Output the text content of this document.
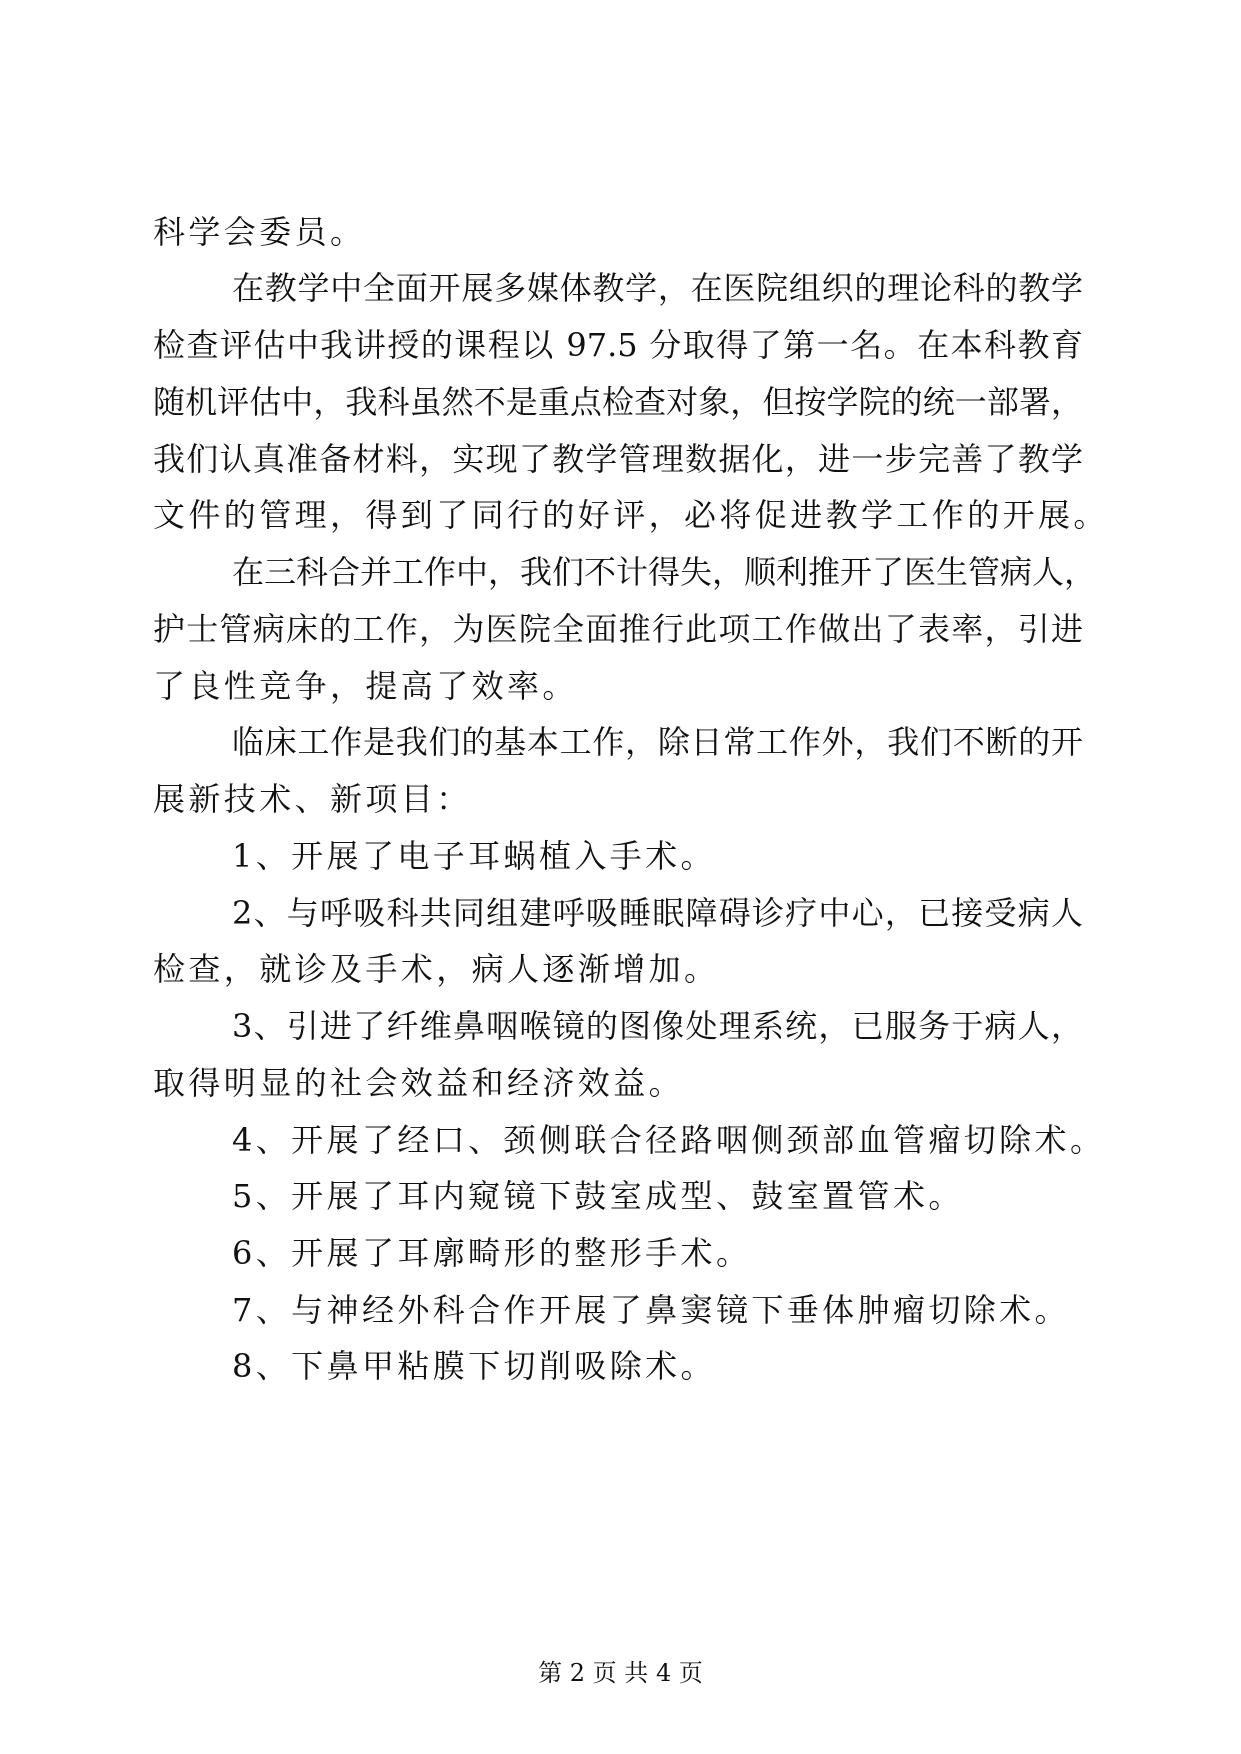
科学会委员。
在教学中全面开展多媒体教学，在医院组织的理论科的教学
检查评估中我讲授的课程以 97.5 分取得了第一名。在本科教育
随机评估中，我科虽然不是重点检查对象，但按学院的统一部署，
我们认真准备材料，实现了教学管理数据化，进一步完善了教学
文件的管理，得到了同行的好评，必将促进教学工作的开展。
在三科合并工作中，我们不计得失，顺利推开了医生管病人，
护士管病床的工作，为医院全面推行此项工作做出了表率，引进
了良性竞争，提高了效率。
临床工作是我们的基本工作，除日常工作外，我们不断的开
展新技术、新项目：
1、开展了电子耳蜗植入手术。
2、与呼吸科共同组建呼吸睡眠障碍诊疗中心，已接受病人
检查，就诊及手术，病人逐渐增加。
3、引进了纤维鼻咽喉镜的图像处理系统，已服务于病人，
取得明显的社会效益和经济效益。
4、开展了经口、颈侧联合径路咽侧颈部血管瘤切除术。
5、开展了耳内窥镜下鼓室成型、鼓室置管术。
6、开展了耳廓畸形的整形手术。
7、与神经外科合作开展了鼻窦镜下垂体肿瘤切除术。
8、下鼻甲粘膜下切削吸除术。
第 2 页 共 4 页
